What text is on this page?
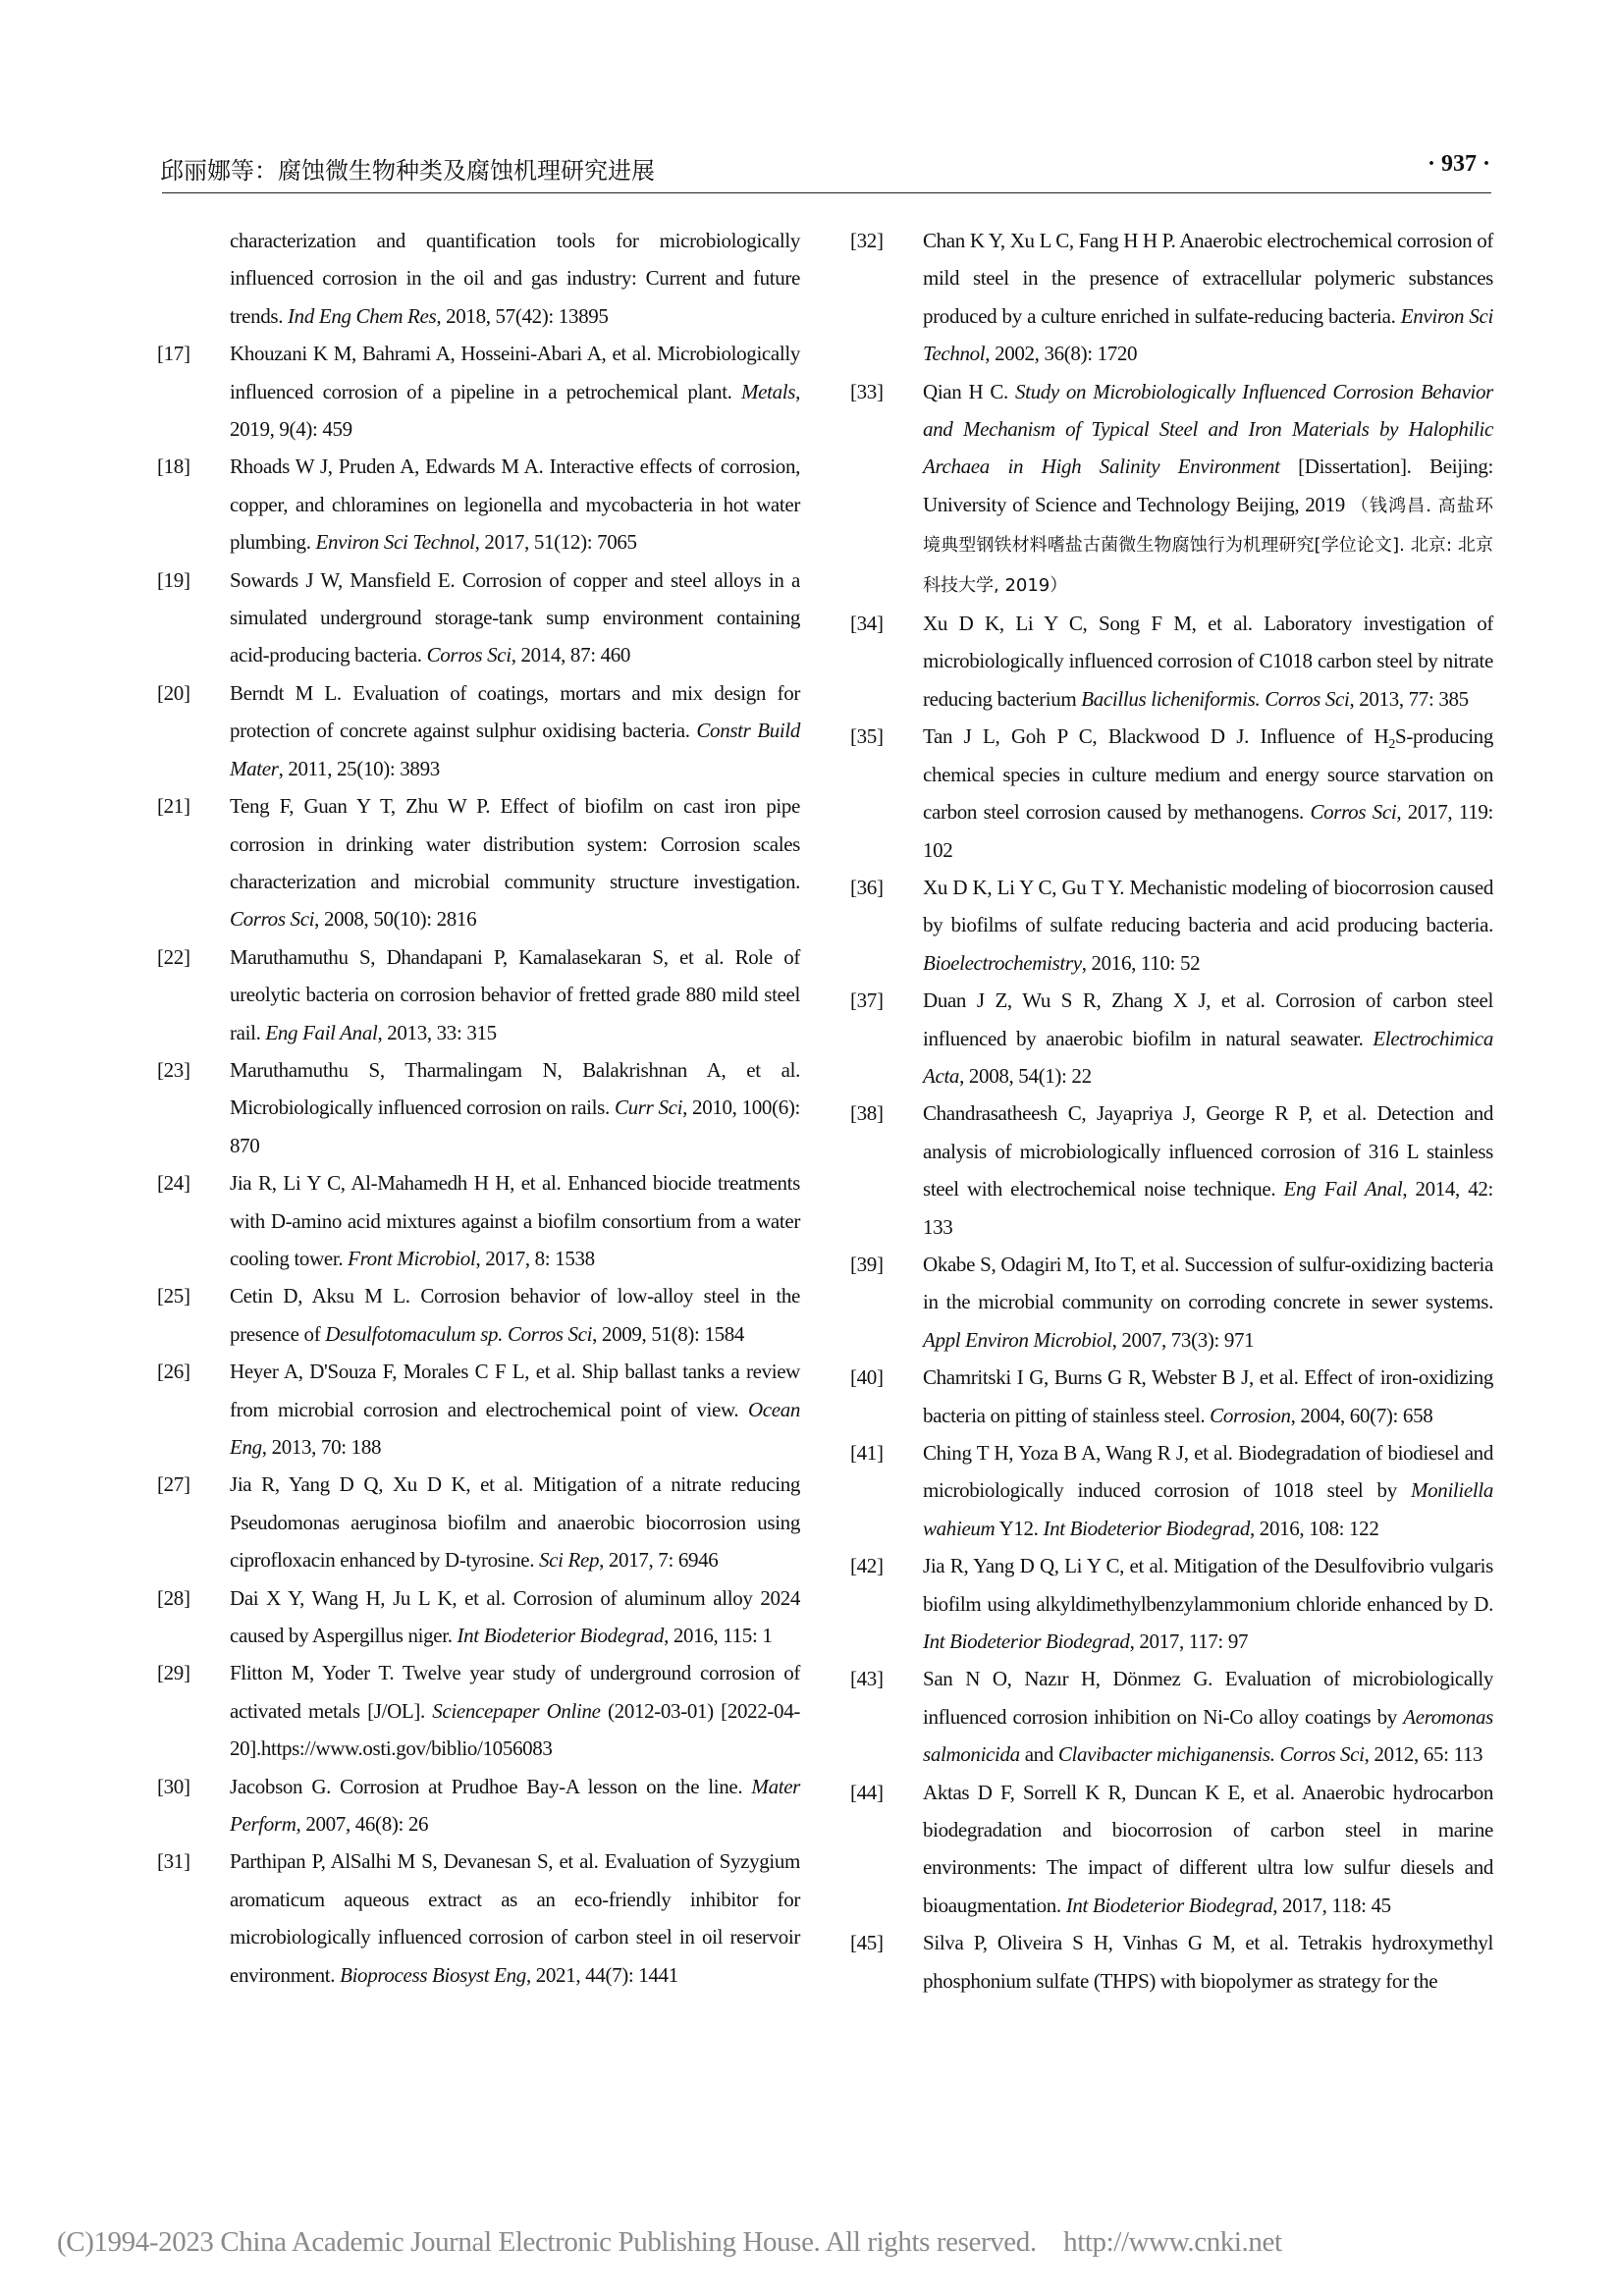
邱丽娜等：腐蚀微生物种类及腐蚀机理研究进展	· 937 ·
characterization and quantification tools for microbiologically influenced corrosion in the oil and gas industry: Current and future trends. Ind Eng Chem Res, 2018, 57(42): 13895
[17]	Khouzani K M, Bahrami A, Hosseini-Abari A, et al. Microbiologically influenced corrosion of a pipeline in a petrochemical plant. Metals, 2019, 9(4): 459
[18]	Rhoads W J, Pruden A, Edwards M A. Interactive effects of corrosion, copper, and chloramines on legionella and mycobacteria in hot water plumbing. Environ Sci Technol, 2017, 51(12): 7065
[19]	Sowards J W, Mansfield E. Corrosion of copper and steel alloys in a simulated underground storage-tank sump environment containing acid-producing bacteria. Corros Sci, 2014, 87: 460
[20]	Berndt M L. Evaluation of coatings, mortars and mix design for protection of concrete against sulphur oxidising bacteria. Constr Build Mater, 2011, 25(10): 3893
[21]	Teng F, Guan Y T, Zhu W P. Effect of biofilm on cast iron pipe corrosion in drinking water distribution system: Corrosion scales characterization and microbial community structure investigation. Corros Sci, 2008, 50(10): 2816
[22]	Maruthamuthu S, Dhandapani P, Kamalasekaran S, et al. Role of ureolytic bacteria on corrosion behavior of fretted grade 880 mild steel rail. Eng Fail Anal, 2013, 33: 315
[23]	Maruthamuthu S, Tharmalingam N, Balakrishnan A, et al. Microbiologically influenced corrosion on rails. Curr Sci, 2010, 100(6): 870
[24]	Jia R, Li Y C, Al-Mahamedh H H, et al. Enhanced biocide treatments with D-amino acid mixtures against a biofilm consortium from a water cooling tower. Front Microbiol, 2017, 8: 1538
[25]	Cetin D, Aksu M L. Corrosion behavior of low-alloy steel in the presence of Desulfotomaculum sp. Corros Sci, 2009, 51(8): 1584
[26]	Heyer A, D'Souza F, Morales C F L, et al. Ship ballast tanks a review from microbial corrosion and electrochemical point of view. Ocean Eng, 2013, 70: 188
[27]	Jia R, Yang D Q, Xu D K, et al. Mitigation of a nitrate reducing Pseudomonas aeruginosa biofilm and anaerobic biocorrosion using ciprofloxacin enhanced by D-tyrosine. Sci Rep, 2017, 7: 6946
[28]	Dai X Y, Wang H, Ju L K, et al. Corrosion of aluminum alloy 2024 caused by Aspergillus niger. Int Biodeterior Biodegrad, 2016, 115: 1
[29]	Flitton M, Yoder T. Twelve year study of underground corrosion of activated metals [J/OL]. Sciencepaper Online (2012-03-01) [2022-04-20].https://www.osti.gov/biblio/1056083
[30]	Jacobson G. Corrosion at Prudhoe Bay-A lesson on the line. Mater Perform, 2007, 46(8): 26
[31]	Parthipan P, AlSalhi M S, Devanesan S, et al. Evaluation of Syzygium aromaticum aqueous extract as an eco-friendly inhibitor for microbiologically influenced corrosion of carbon steel in oil reservoir environment. Bioprocess Biosyst Eng, 2021, 44(7): 1441
[32]	Chan K Y, Xu L C, Fang H H P. Anaerobic electrochemical corrosion of mild steel in the presence of extracellular polymeric substances produced by a culture enriched in sulfate-reducing bacteria. Environ Sci Technol, 2002, 36(8): 1720
[33]	Qian H C. Study on Microbiologically Influenced Corrosion Behavior and Mechanism of Typical Steel and Iron Materials by Halophilic Archaea in High Salinity Environment [Dissertation]. Beijing: University of Science and Technology Beijing, 2019 （钱鸿昌. 高盐环境典型钢铁材料嗜盐古菌微生物腐蚀行为机理研究[学位论文]. 北京: 北京科技大学, 2019）
[34]	Xu D K, Li Y C, Song F M, et al. Laboratory investigation of microbiologically influenced corrosion of C1018 carbon steel by nitrate reducing bacterium Bacillus licheniformis. Corros Sci, 2013, 77: 385
[35]	Tan J L, Goh P C, Blackwood D J. Influence of $H_2S$-producing chemical species in culture medium and energy source starvation on carbon steel corrosion caused by methanogens. Corros Sci, 2017, 119: 102
[36]	Xu D K, Li Y C, Gu T Y. Mechanistic modeling of biocorrosion caused by biofilms of sulfate reducing bacteria and acid producing bacteria. Bioelectrochemistry, 2016, 110: 52
[37]	Duan J Z, Wu S R, Zhang X J, et al. Corrosion of carbon steel influenced by anaerobic biofilm in natural seawater. Electrochimica Acta, 2008, 54(1): 22
[38]	Chandrasatheesh C, Jayapriya J, George R P, et al. Detection and analysis of microbiologically influenced corrosion of 316 L stainless steel with electrochemical noise technique. Eng Fail Anal, 2014, 42: 133
[39]	Okabe S, Odagiri M, Ito T, et al. Succession of sulfur-oxidizing bacteria in the microbial community on corroding concrete in sewer systems. Appl Environ Microbiol, 2007, 73(3): 971
[40]	Chamritski I G, Burns G R, Webster B J, et al. Effect of iron-oxidizing bacteria on pitting of stainless steel. Corrosion, 2004, 60(7): 658
[41]	Ching T H, Yoza B A, Wang R J, et al. Biodegradation of biodiesel and microbiologically induced corrosion of 1018 steel by Moniliella wahieum Y12. Int Biodeterior Biodegrad, 2016, 108: 122
[42]	Jia R, Yang D Q, Li Y C, et al. Mitigation of the Desulfovibrio vulgaris biofilm using alkyldimethylbenzylammonium chloride enhanced by D. Int Biodeterior Biodegrad, 2017, 117: 97
[43]	San N O, Nazır H, Dönmez G. Evaluation of microbiologically influenced corrosion inhibition on Ni-Co alloy coatings by Aeromonas salmonicida and Clavibacter michiganensis. Corros Sci, 2012, 65: 113
[44]	Aktas D F, Sorrell K R, Duncan K E, et al. Anaerobic hydrocarbon biodegradation and biocorrosion of carbon steel in marine environments: The impact of different ultra low sulfur diesels and bioaugmentation. Int Biodeterior Biodegrad, 2017, 118: 45
[45]	Silva P, Oliveira S H, Vinhas G M, et al. Tetrakis hydroxymethyl phosphonium sulfate (THPS) with biopolymer as strategy for the
(C)1994-2023 China Academic Journal Electronic Publishing House. All rights reserved. http://www.cnki.net
